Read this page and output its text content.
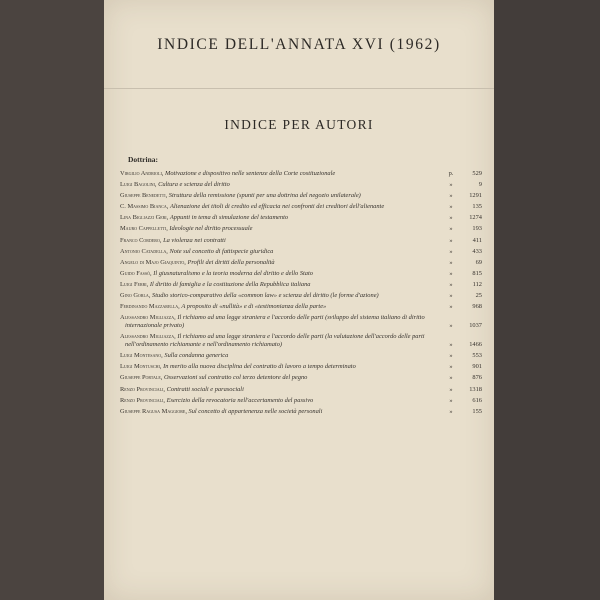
INDICE DELL'ANNATA XVI (1962)
INDICE PER AUTORI
Dottrina:
Virgilio Andrioli, Motivazione e dispositivo nelle sentenze della Corte costituzionale	p.	529
Luigi Bagolini, Cultura e scienza del diritto	»	9
Giuseppe Benedetti, Struttura della remissione (spunti per una dottrina del negozio unilaterale)	»	1291
C. Massimo Bianca, Alienazione dei titoli di credito ed efficacia nei confronti dei creditori dell'alienante	»	135
Lina Bigliazzi Geri, Appunti in tema di simulazione del testamento	»	1274
Mauro Cappelletti, Ideologie nel diritto processuale	»	193
Franco Cordero, La violenza nei contratti	»	411
Antonio Catadella, Note sul concetto di fattispecie giuridica	»	433
Angelo di Majo Giaquinto, Profili dei diritti della personalità	»	69
Guido Fassò, Il giusnaturalismo e la teoria moderna del diritto e dello Stato	»	815
Luigi Ferri, Il diritto di famiglia e la costituzione della Repubblica italiana	»	112
Gino Gorla, Studio storico-comparativo della «common law» e scienza del diritto (le forme d'azione)	»	25
Ferdinando Mazzarella, A proposito di «nullità» e di «testimonianza della parte»	»	968
Alessandro Migliazza, Il richiamo ad una legge straniera e l'accordo delle parti (sviluppo del sistema italiano di diritto internazionale privato)	»	1037
Alessandro Migliazza, Il richiamo ad una legge straniera e l'accordo delle parti (la valutazione dell'accordo delle parti nell'ordinamento richiamante e nell'ordinamento richiamato)	»	1466
Luigi Montesano, Sulla condanna generica	»	553
Luigi Montuschi, In merito alla nuova disciplina del contratto di lavoro a tempo determinato	»	901
Giuseppe Portale, Osservazioni sul contratto col terzo detentore del pegno	»	876
Renzo Provinciali, Contratti sociali e parasociali	»	1318
Renzo Provinciali, Esercizio della revocatoria nell'accertamento del passivo	»	616
Giuseppe Ragusa Maggiore, Sul concetto di appartenenza nelle società personali	»	155
